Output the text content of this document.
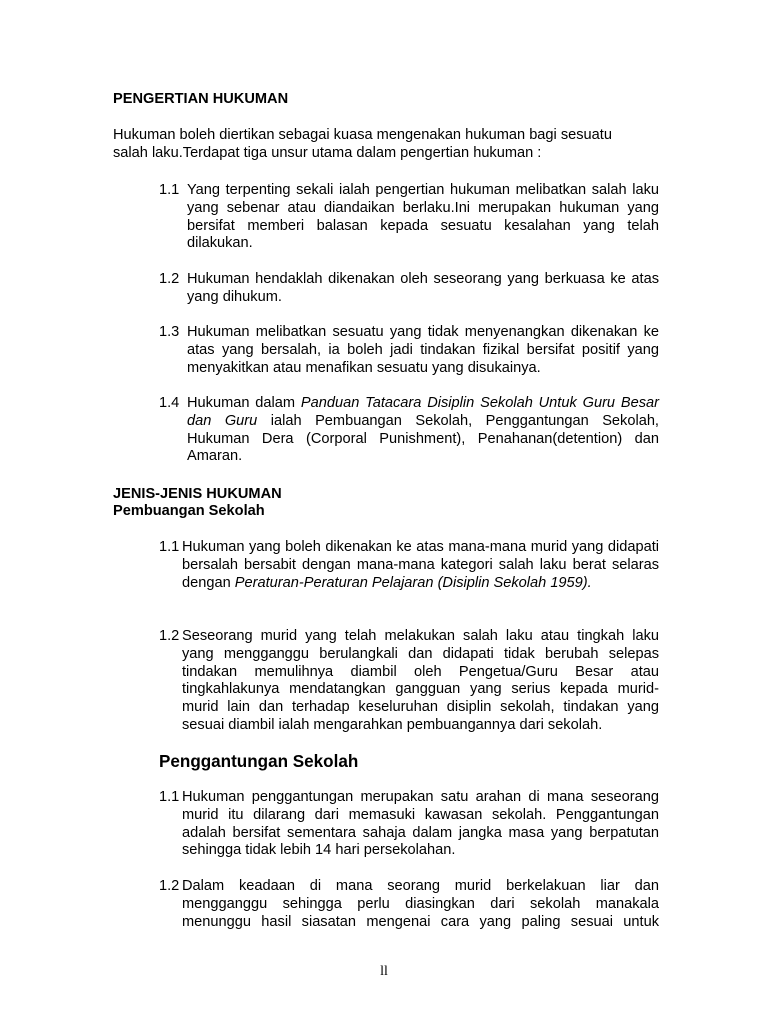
PENGERTIAN HUKUMAN

Hukuman boleh diertikan sebagai kuasa mengenakan hukuman bagi sesuatu
salah laku.Terdapat tiga unsur utama dalam pengertian hukuman :

1.1 Yang terpenting sekali ialah pengertian hukuman melibatkan salah laku yang sebenar atau diandaikan berlaku.Ini merupakan hukuman yang bersifat memberi balasan kepada sesuatu kesalahan yang telah dilakukan.
1.2 Hukuman hendaklah dikenakan oleh seseorang yang berkuasa ke atas yang dihukum.
1.3 Hukuman melibatkan sesuatu yang tidak menyenangkan dikenakan ke atas yang bersalah, ia boleh jadi tindakan fizikal bersifat positif yang menyakitkan atau menafikan sesuatu yang disukainya.
1.4 Hukuman dalam Panduan Tatacara Disiplin Sekolah Untuk Guru Besar dan Guru ialah Pembuangan Sekolah, Penggantungan Sekolah, Hukuman Dera (Corporal Punishment), Penahanan(detention) dan Amaran.
JENIS-JENIS HUKUMAN
Pembuangan Sekolah
1.1 Hukuman yang boleh dikenakan ke atas mana-mana murid yang didapati bersalah bersabit dengan mana-mana kategori salah laku berat selaras dengan Peraturan-Peraturan Pelajaran (Disiplin Sekolah 1959).
1.2 Seseorang murid yang telah melakukan salah laku atau tingkah laku yang mengganggu berulangkali dan didapati tidak berubah selepas tindakan memulihnya diambil oleh Pengetua/Guru Besar atau tingkahlakunya mendatangkan gangguan yang serius kepada murid-murid lain dan terhadap keseluruhan disiplin sekolah, tindakan yang sesuai diambil ialah mengarahkan pembuangannya dari sekolah.
Penggantungan Sekolah
1.1 Hukuman penggantungan merupakan satu arahan di mana seseorang murid itu dilarang dari memasuki kawasan sekolah. Penggantungan adalah bersifat sementara sahaja dalam jangka masa yang berpatutan sehingga tidak lebih 14 hari persekolahan.
1.2 Dalam keadaan di mana seorang murid berkelakuan liar dan mengganggu sehingga perlu diasingkan dari sekolah manakala menunggu hasil siasatan mengenai cara yang paling sesuai untuk
ll
